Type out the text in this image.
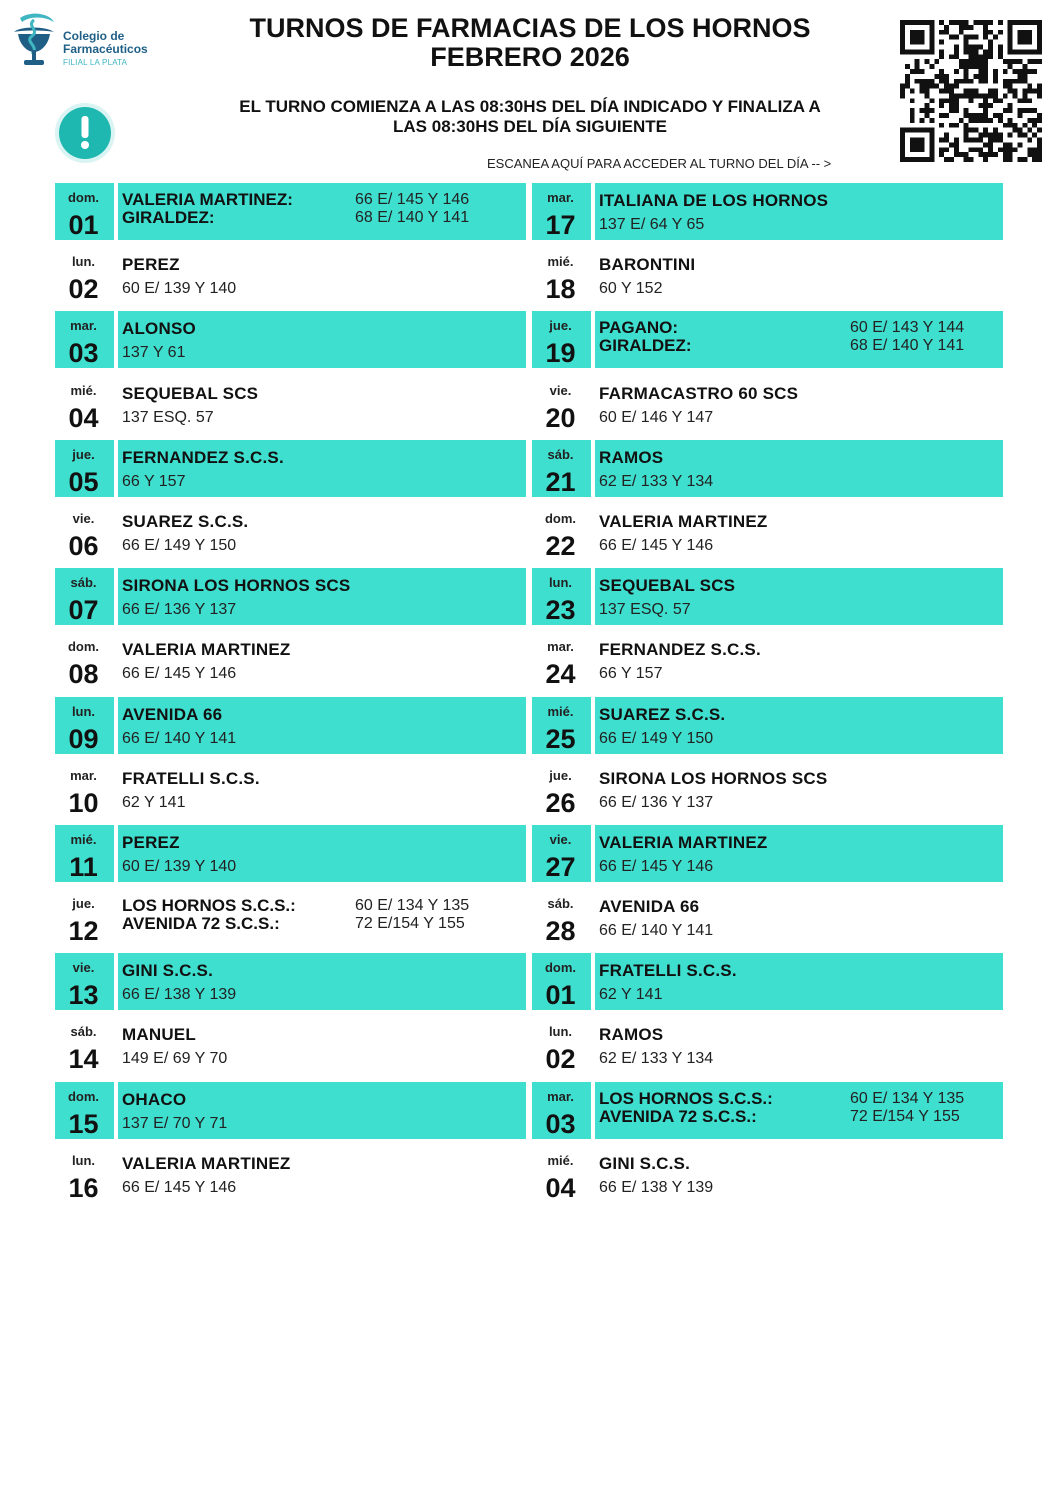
Colegio de
Farmacéuticos
FILIAL LA PLATA
TURNOS DE FARMACIAS DE LOS HORNOS
FEBRERO 2026
EL TURNO COMIENZA A LAS 08:30HS DEL DÍA INDICADO Y FINALIZA A
LAS 08:30HS DEL DÍA SIGUIENTE
ESCANEA AQUÍ PARA ACCEDER AL TURNO DEL DÍA -- >
dom.
01
VALERIA MARTINEZ:
GIRALDEZ:
66 E/ 145 Y 146
68 E/ 140 Y 141
lun.
02
PEREZ
60 E/ 139 Y 140
mar.
03
ALONSO
137 Y 61
mié.
04
SEQUEBAL SCS
137 ESQ. 57
jue.
05
FERNANDEZ S.C.S.
66 Y 157
vie.
06
SUAREZ S.C.S.
66 E/ 149 Y 150
sáb.
07
SIRONA LOS HORNOS SCS
66 E/ 136 Y 137
dom.
08
VALERIA MARTINEZ
66 E/ 145 Y 146
lun.
09
AVENIDA 66
66 E/ 140 Y 141
mar.
10
FRATELLI S.C.S.
62 Y 141
mié.
11
PEREZ
60 E/ 139 Y 140
jue.
12
LOS HORNOS S.C.S.:
AVENIDA 72 S.C.S.:
60 E/ 134 Y 135
72 E/154 Y 155
vie.
13
GINI S.C.S.
66 E/ 138 Y 139
sáb.
14
MANUEL
149 E/ 69 Y 70
dom.
15
OHACO
137 E/ 70 Y 71
lun.
16
VALERIA MARTINEZ
66 E/ 145 Y 146
mar.
17
ITALIANA DE LOS HORNOS
137 E/ 64 Y 65
mié.
18
BARONTINI
60 Y 152
jue.
19
PAGANO:
GIRALDEZ:
60 E/ 143 Y 144
68 E/ 140 Y 141
vie.
20
FARMACASTRO 60 SCS
60 E/ 146 Y 147
sáb.
21
RAMOS
62 E/ 133 Y 134
dom.
22
VALERIA MARTINEZ
66 E/ 145 Y 146
lun.
23
SEQUEBAL SCS
137 ESQ. 57
mar.
24
FERNANDEZ S.C.S.
66 Y 157
mié.
25
SUAREZ S.C.S.
66 E/ 149 Y 150
jue.
26
SIRONA LOS HORNOS SCS
66 E/ 136 Y 137
vie.
27
VALERIA MARTINEZ
66 E/ 145 Y 146
sáb.
28
AVENIDA 66
66 E/ 140 Y 141
dom.
01
FRATELLI S.C.S.
62 Y 141
lun.
02
RAMOS
62 E/ 133 Y 134
mar.
03
LOS HORNOS S.C.S.:
AVENIDA 72 S.C.S.:
60 E/ 134 Y 135
72 E/154 Y 155
mié.
04
GINI S.C.S.
66 E/ 138 Y 139
